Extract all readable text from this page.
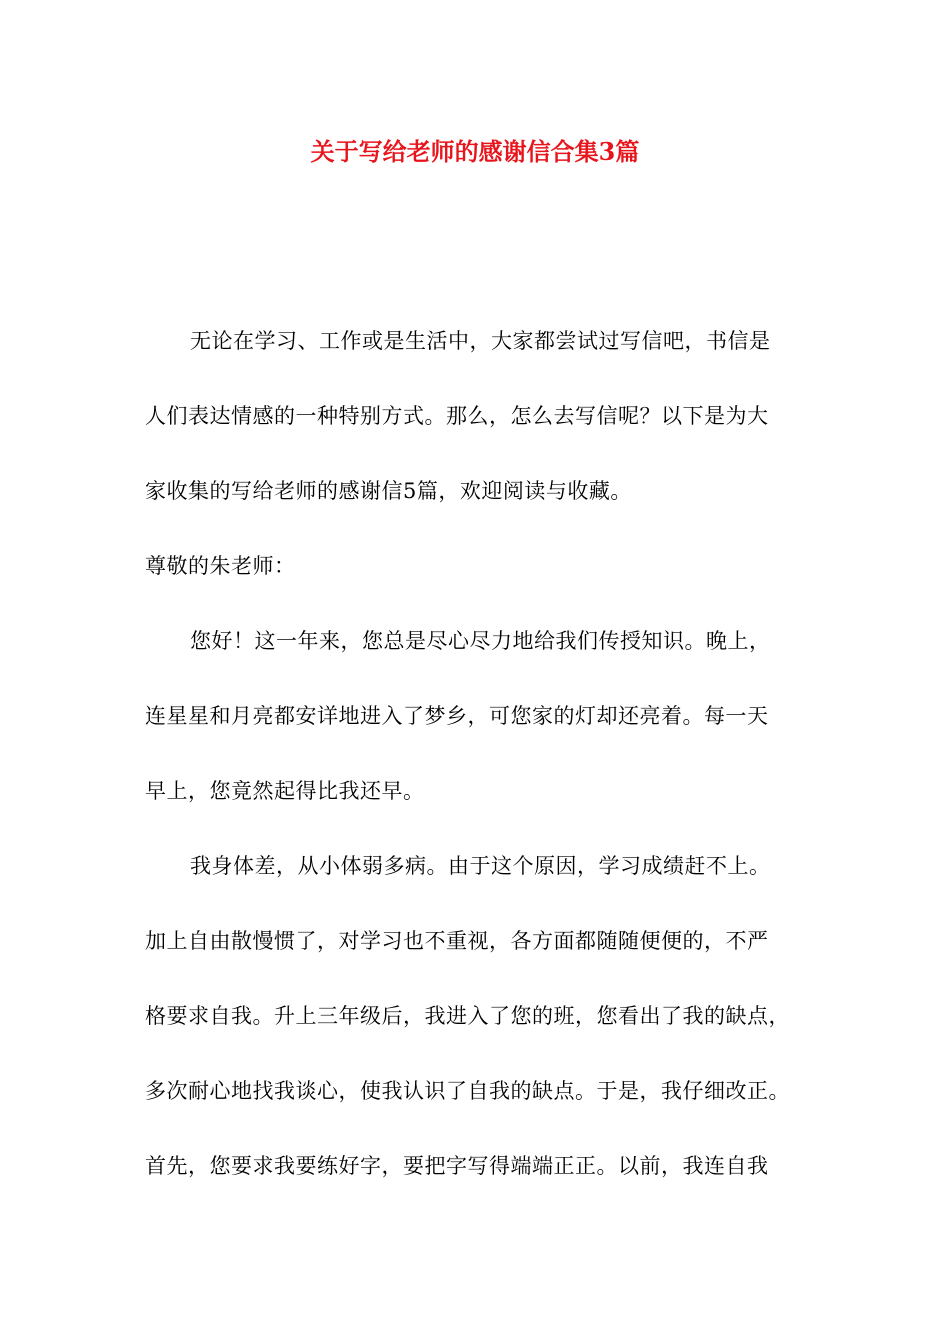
关于写给老师的感谢信合集3篇
无论在学习、工作或是生活中，大家都尝试过写信吧，书信是
人们表达情感的一种特别方式。那么，怎么去写信呢？以下是为大
家收集的写给老师的感谢信5篇，欢迎阅读与收藏。
尊敬的朱老师：
您好！这一年来，您总是尽心尽力地给我们传授知识。晚上，
连星星和月亮都安详地进入了梦乡，可您家的灯却还亮着。每一天
早上，您竟然起得比我还早。
我身体差，从小体弱多病。由于这个原因，学习成绩赶不上。
加上自由散慢惯了，对学习也不重视，各方面都随随便便的，不严
格要求自我。升上三年级后，我进入了您的班，您看出了我的缺点，
多次耐心地找我谈心，使我认识了自我的缺点。于是，我仔细改正。
首先，您要求我要练好字，要把字写得端端正正。以前，我连自我
